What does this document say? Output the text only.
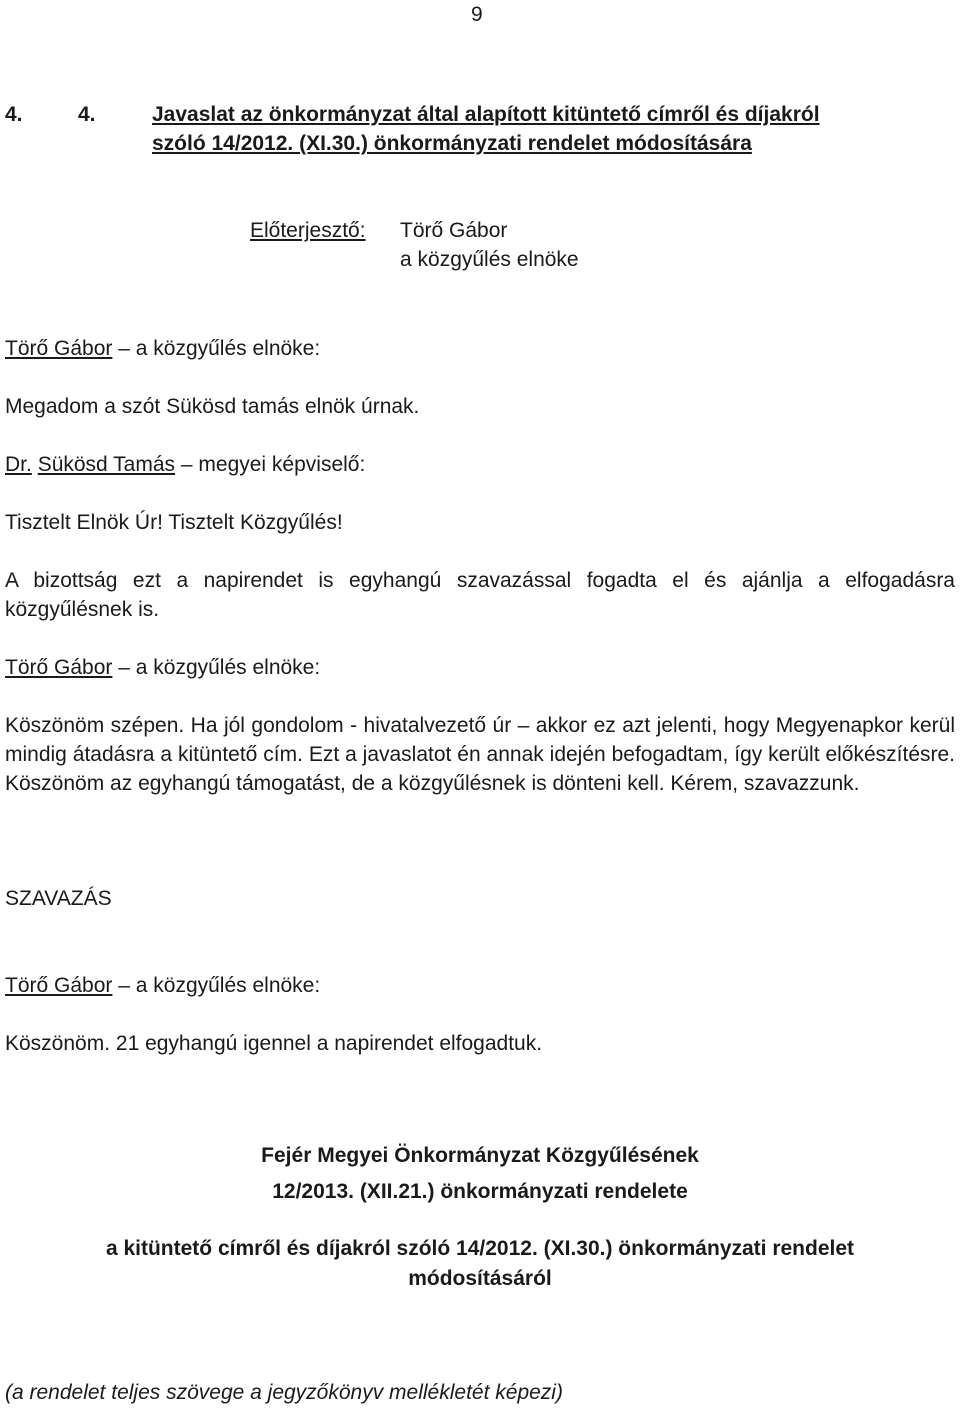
9
4.	4.	Javaslat az önkormányzat által alapított kitüntető címről és díjakról
szóló 14/2012. (XI.30.) önkormányzati rendelet módosítására
Előterjesztő: Törő Gábor
a közgyűlés elnöke
Törő Gábor – a közgyűlés elnöke:
Megadom a szót Sükösd tamás elnök úrnak.
Dr. Sükösd Tamás – megyei képviselő:
Tisztelt Elnök Úr! Tisztelt Közgyűlés!
A bizottság ezt a napirendet is egyhangú szavazással fogadta el és ajánlja a elfogadásra közgyűlésnek is.
Törő Gábor – a közgyűlés elnöke:
Köszönöm szépen. Ha jól gondolom - hivatalvezető úr – akkor ez azt jelenti, hogy Megyenapkor kerül mindig átadásra a kitüntető cím. Ezt a javaslatot én annak idején befogadtam, így került előkészítésre. Köszönöm az egyhangú támogatást, de a közgyűlésnek is dönteni kell. Kérem, szavazzunk.
SZAVAZÁS
Törő Gábor – a közgyűlés elnöke:
Köszönöm. 21 egyhangú igennel a napirendet elfogadtuk.
Fejér Megyei Önkormányzat Közgyűlésének
12/2013. (XII.21.) önkormányzati rendelete
a kitüntető címről és díjakról szóló 14/2012. (XI.30.) önkormányzati rendelet
módosításáról
(a rendelet teljes szövege a jegyzőkönyv mellékletét képezi)
